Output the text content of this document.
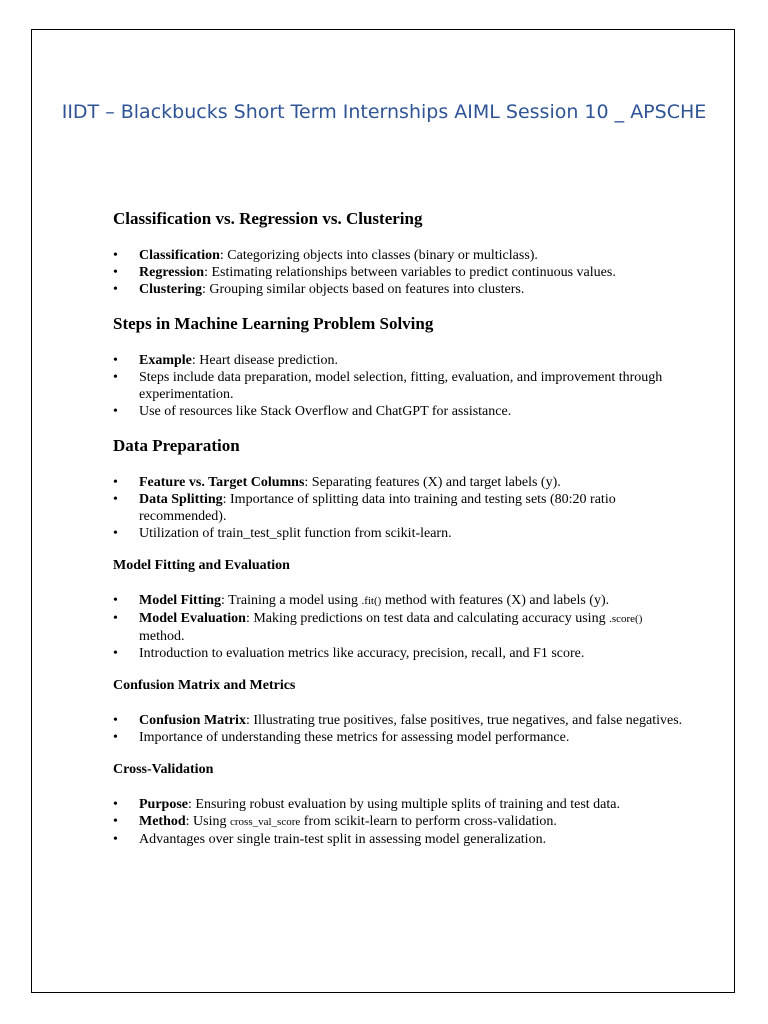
IIDT – Blackbucks Short Term Internships AIML Session 10 _ APSCHE
Classification vs. Regression vs. Clustering
• Classification: Categorizing objects into classes (binary or multiclass).
• Regression: Estimating relationships between variables to predict continuous values.
• Clustering: Grouping similar objects based on features into clusters.
Steps in Machine Learning Problem Solving
• Example: Heart disease prediction.
• Steps include data preparation, model selection, fitting, evaluation, and improvement through experimentation.
• Use of resources like Stack Overflow and ChatGPT for assistance.
Data Preparation
• Feature vs. Target Columns: Separating features (X) and target labels (y).
• Data Splitting: Importance of splitting data into training and testing sets (80:20 ratio recommended).
• Utilization of train_test_split function from scikit-learn.
Model Fitting and Evaluation
• Model Fitting: Training a model using .fit() method with features (X) and labels (y).
• Model Evaluation: Making predictions on test data and calculating accuracy using .score() method.
• Introduction to evaluation metrics like accuracy, precision, recall, and F1 score.
Confusion Matrix and Metrics
• Confusion Matrix: Illustrating true positives, false positives, true negatives, and false negatives.
• Importance of understanding these metrics for assessing model performance.
Cross-Validation
• Purpose: Ensuring robust evaluation by using multiple splits of training and test data.
• Method: Using cross_val_score from scikit-learn to perform cross-validation.
• Advantages over single train-test split in assessing model generalization.
